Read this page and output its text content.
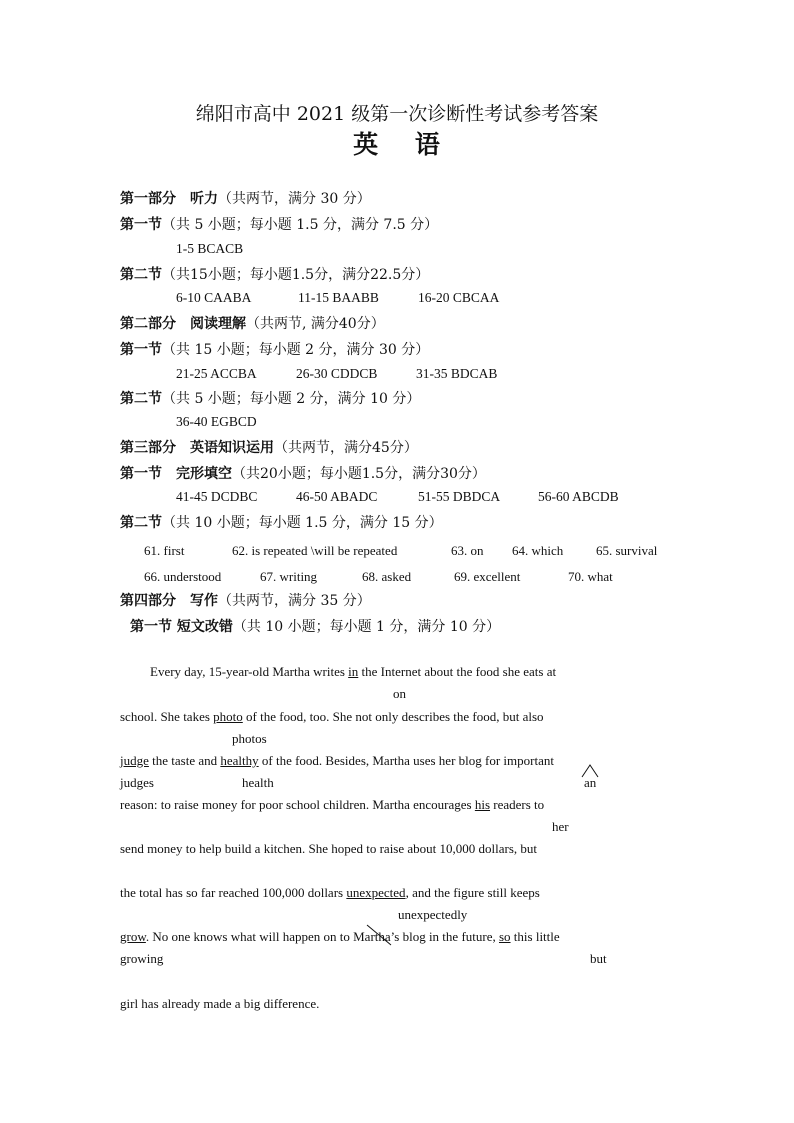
绵阳市高中 2021 级第一次诊断性考试参考答案
英　 语
第一部分　听力（共两节，满分 30 分）
第一节（共 5 小题；每小题 1.5 分，满分 7.5 分）
1-5 BCACB
第二节（共15小题；每小题1.5分，满分22.5分）
6-10 CAABA	11-15 BAABB	16-20 CBCAA
第二部分　阅读理解（共两节, 满分40分）
第一节（共 15 小题；每小题 2 分，满分 30 分）
21-25 ACCBA	26-30 CDDCB	31-35 BDCAB
第二节（共 5 小题；每小题 2 分，满分 10 分）
36-40 EGBCD
第三部分　英语知识运用（共两节，满分45分）
第一节　完形填空（共20小题；每小题1.5分，满分30分）
41-45 DCDBC	46-50 ABADC	51-55 DBDCA	56-60 ABCDB
第二节（共 10 小题；每小题 1.5 分，满分 15 分）
61. first	62. is repeated \will be repeated	63. on 64. which	65. survival
66. understood	67. writing	68. asked	69. excellent	70. what
第四部分　写作（共两节，满分 35 分）
第一节 短文改错（共 10 小题；每小题 1 分，满分 10 分）
Every day, 15-year-old Martha writes in the Internet about the food she eats at
on
school. She takes photo of the food, too. She not only describes the food, but also
photos
judge the taste and healthy of the food. Besides, Martha uses her blog for important
judges	health	an
reason: to raise money for poor school children. Martha encourages his readers to
her
send money to help build a kitchen. She hoped to raise about 10,000 dollars, but
the total has so far reached 100,000 dollars unexpected, and the figure still keeps
unexpectedly
grow. No one knows what will happen on to Martha’s blog in the future, so this little
growing	but
girl has already made a big difference.
